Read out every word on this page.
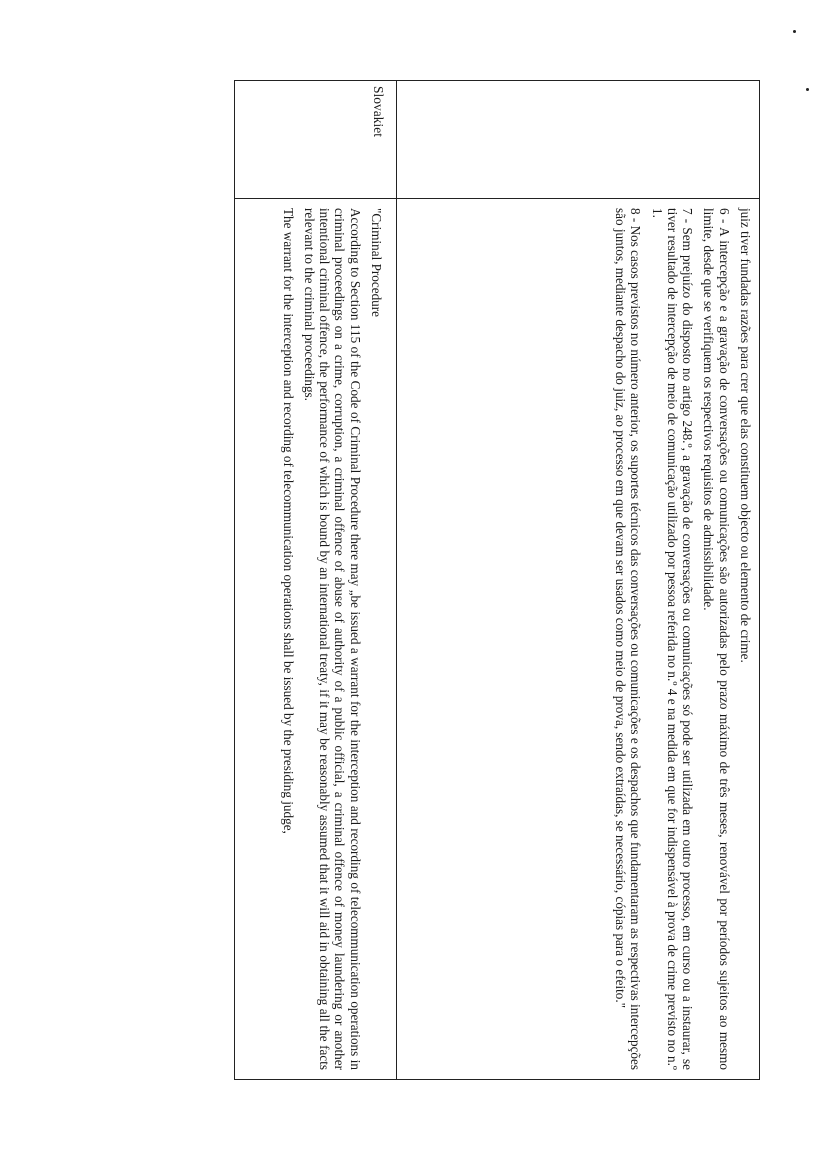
juiz tiver fundadas razões para crer que elas constituem objecto ou elemento de crime.

6 - A intercepção e a gravação de conversações ou comunicações são autorizadas pelo prazo máximo de três meses, renovável por períodos sujeitos ao mesmo limite, desde que se verifiquem os respectivos requisitos de admissibilidade.

7 - Sem prejuízo do disposto no artigo 248.º, a gravação de conversações ou comunicações só pode ser utilizada em outro processo, em curso ou a instaurar, se tiver resultado de intercepção de meio de comunicação utilizado por pessoa referida no n.º 4 e na medida em que for indispensável à prova de crime previsto no n.º 1.

8 - Nos casos previstos no número anterior, os suportes técnicos das conversações ou comunicações e os despachos que fundamentaram as respectivas intercepções são juntos, mediante despacho do juiz, ao processo em que devam ser usados como meio de prova, sendo extraídas, se necessário, cópias para o efeito."

Slovakiet

"Criminal Procedure

According to Section 115 of the Code of Criminal Procedure there may „be issued a warrant for the interception and recording of telecommunication operations in criminal proceedings on a crime, corruption, a criminal offence of abuse of authority of a public official, a criminal offence of money laundering or another intentional criminal offence, the performance of which is bound by an international treaty, if it may be reasonably assumed that it will aid in obtaining all the facts relevant to the criminal proceedings.

The warrant for the interception and recording of telecommunication operations shall be issued by the presiding judge,
